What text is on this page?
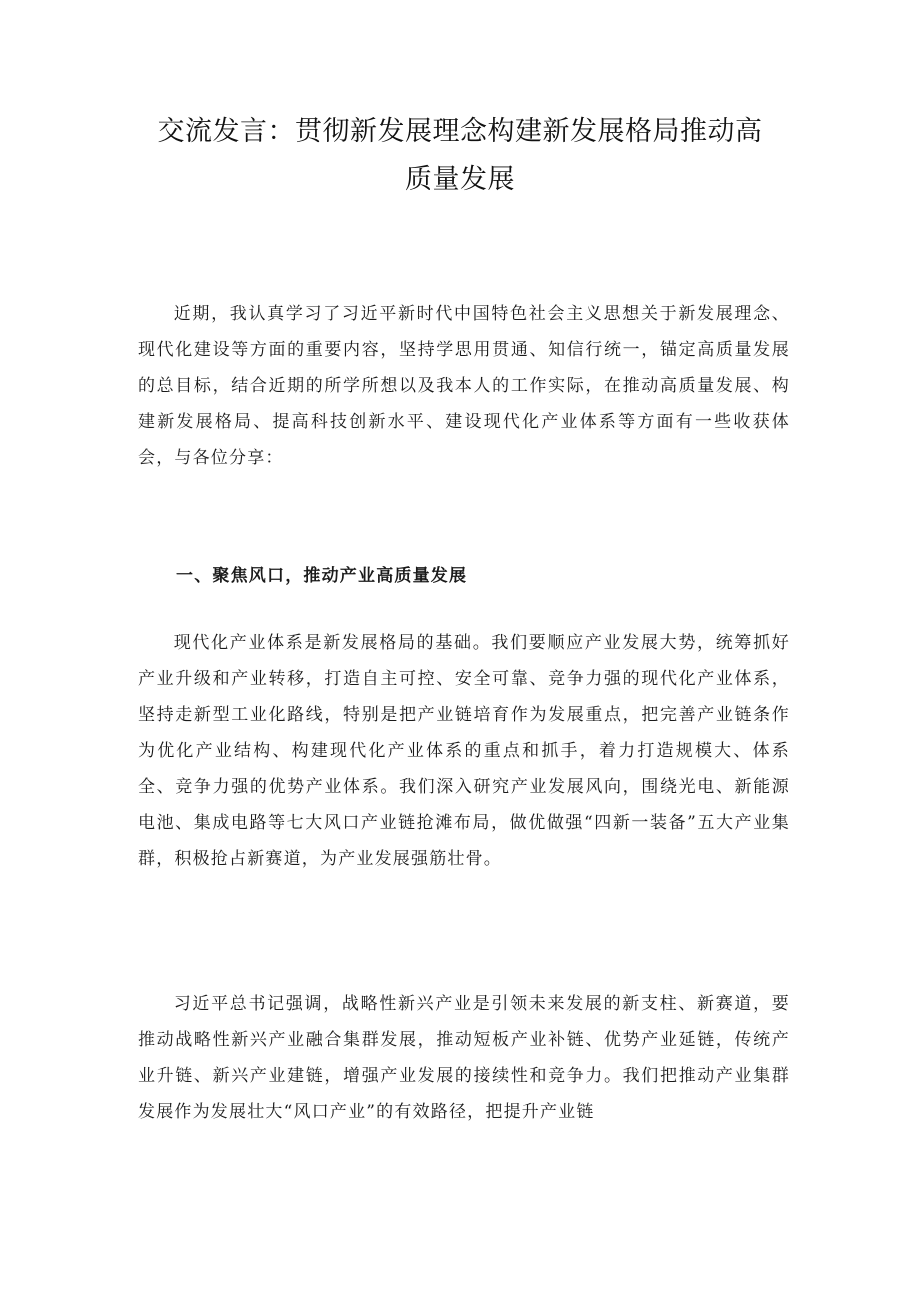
交流发言：贯彻新发展理念构建新发展格局推动高
质量发展
近期，我认真学习了习近平新时代中国特色社会主义思想关于新发展理念、现代化建设等方面的重要内容，坚持学思用贯通、知信行统一，锚定高质量发展的总目标，结合近期的所学所想以及我本人的工作实际，在推动高质量发展、构建新发展格局、提高科技创新水平、建设现代化产业体系等方面有一些收获体会，与各位分享：
一、聚焦风口，推动产业高质量发展
现代化产业体系是新发展格局的基础。我们要顺应产业发展大势，统筹抓好产业升级和产业转移，打造自主可控、安全可靠、竞争力强的现代化产业体系，坚持走新型工业化路线，特别是把产业链培育作为发展重点，把完善产业链条作为优化产业结构、构建现代化产业体系的重点和抓手，着力打造规模大、体系全、竞争力强的优势产业体系。我们深入研究产业发展风向，围绕光电、新能源电池、集成电路等七大风口产业链抢滩布局，做优做强“四新一装备”五大产业集群，积极抢占新赛道，为产业发展强筋壮骨。
习近平总书记强调，战略性新兴产业是引领未来发展的新支柱、新赛道，要推动战略性新兴产业融合集群发展，推动短板产业补链、优势产业延链，传统产业升链、新兴产业建链，增强产业发展的接续性和竞争力。我们把推动产业集群发展作为发展壮大“风口产业”的有效路径，把提升产业链
